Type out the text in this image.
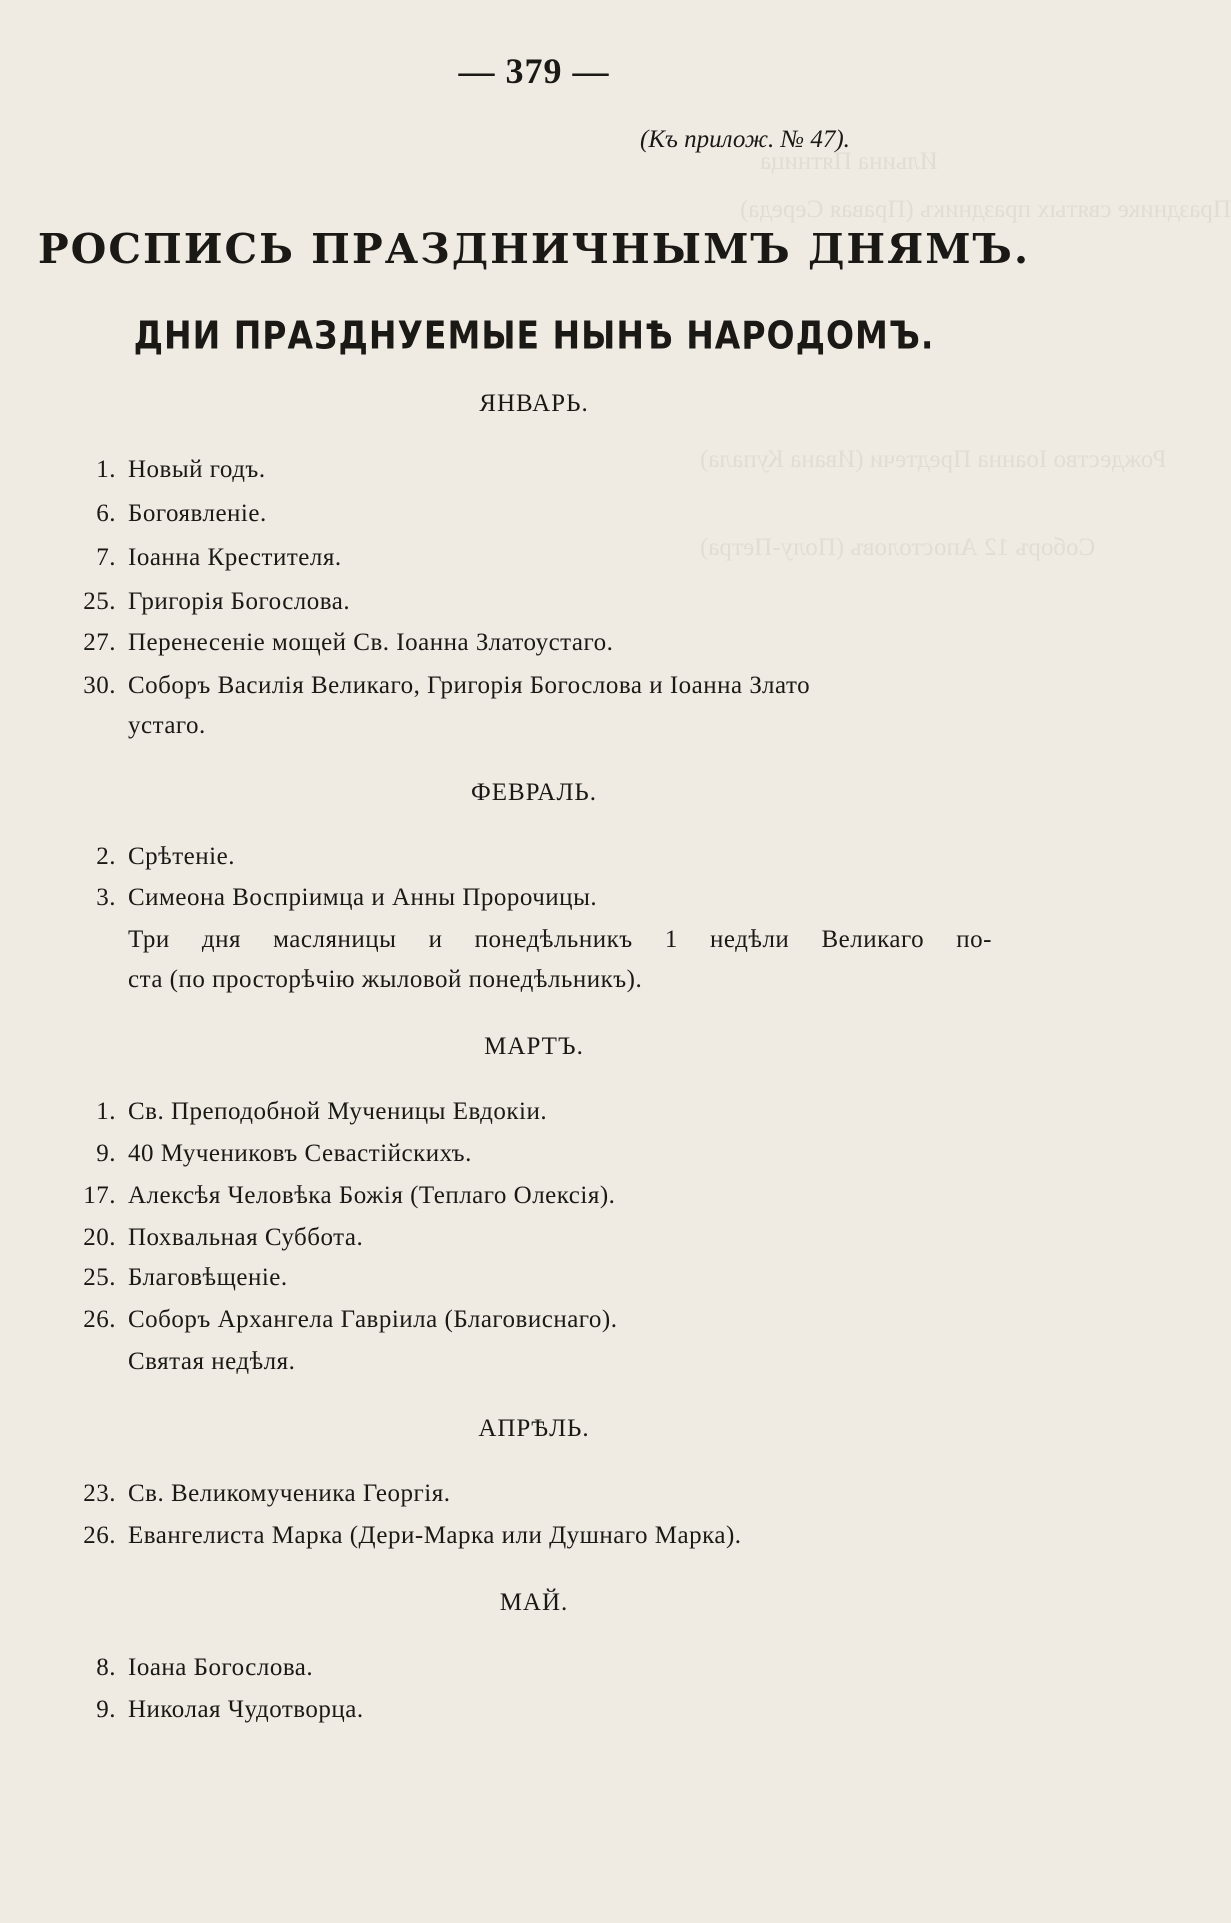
Ильина Пятница
Празднике святых праздникъ (Правая Середа)
Рождество Іоанна Предтечи (Ивана Купала)
Соборъ 12 Апостоловъ (Полу-Петра)
— 379 —
(Къ прилож. № 47).
РОСПИСЬ ПРАЗДНИЧНЫМЪ ДНЯМЪ.
ДНИ ПРАЗДНУЕМЫЕ НЫНѢ НАРОДОМЪ.
ЯНВАРЬ.
1. Новый годъ.
6. Богоявленіе.
7. Іоанна Крестителя.
25. Григорія Богослова.
27. Перенесеніе мощей Св. Іоанна Златоустаго.
30. Соборъ Василія Великаго, Григорія Богослова и Іоанна Злато
устаго.
ФЕВРАЛЬ.
2. Срѣтеніе.
3. Симеона Воспріимца и Анны Пророчицы.
Три дня масляницы и понедѣльникъ 1 недѣли Великаго по-
ста (по просторѣчію жыловой понедѣльникъ).
МАРТЪ.
1. Св. Преподобной Мученицы Евдокіи.
9. 40 Мучениковъ Севастійскихъ.
17. Алексѣя Человѣка Божія (Теплаго Олексія).
20. Похвальная Суббота.
25. Благовѣщеніе.
26. Соборъ Архангела Гавріила (Благовиснаго).
Святая недѣля.
АПРѢЛЬ.
23. Св. Великомученика Георгія.
26. Евангелиста Марка (Дери-Марка или Душнаго Марка).
МАЙ.
8. Іоана Богослова.
9. Николая Чудотворца.
